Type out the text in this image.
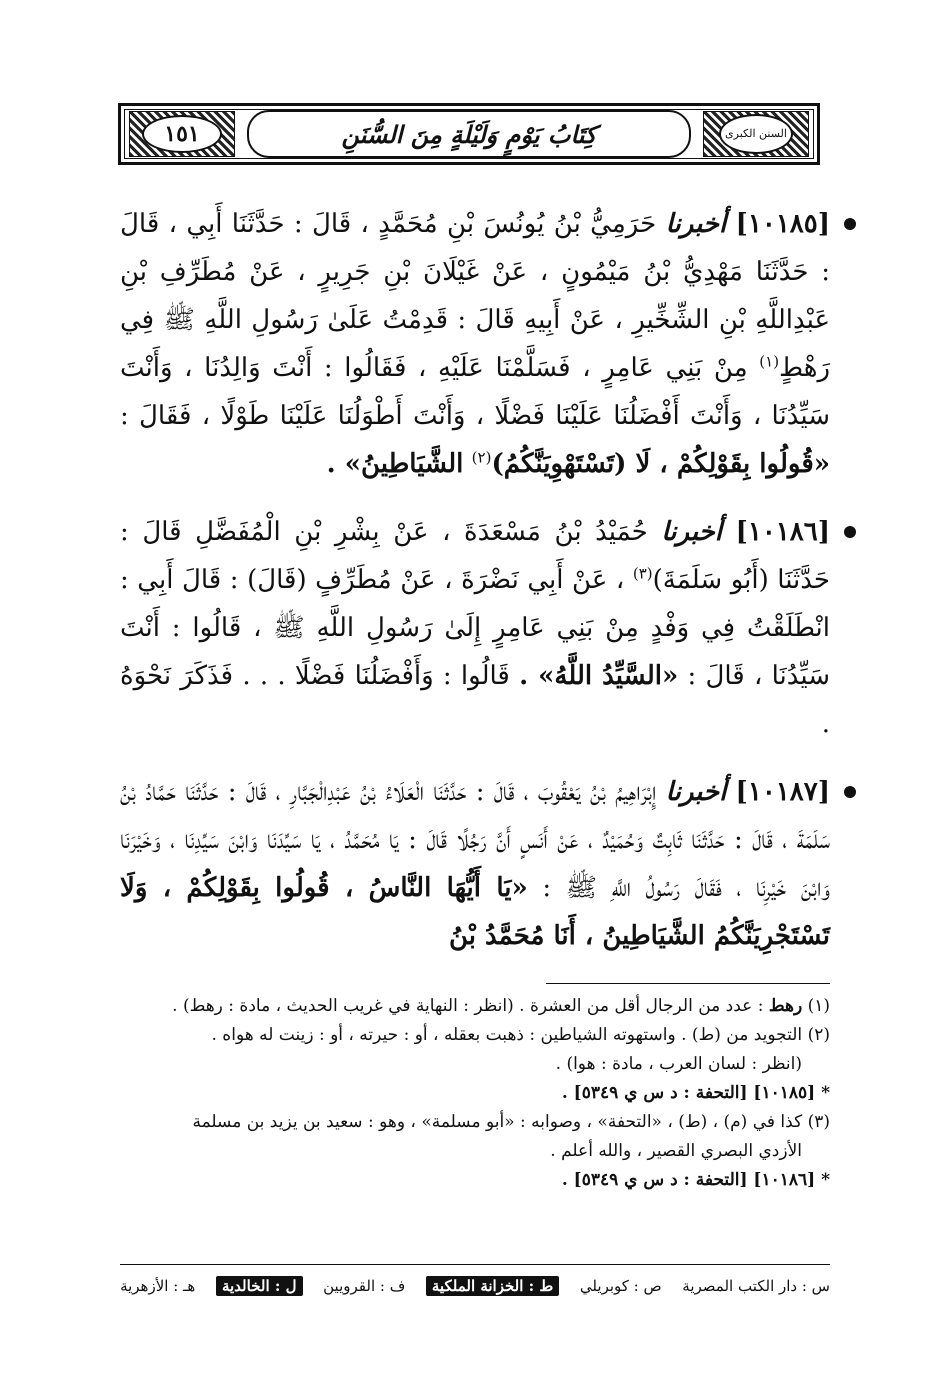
١٥١	كِتَابُ يَوْمٍ وَلَيْلَةٍ مِنَ السُّنَنِ	السنن الكبرى
[١٠١٨٥] أخبرنا حَرَمِيُّ بْنُ يُونُسَ بْنِ مُحَمَّدٍ ، قَالَ : حَدَّثَنَا أَبِي ، قَالَ : حَدَّثَنَا مَهْدِيُّ بْنُ مَيْمُونٍ ، عَنْ غَيْلَانَ بْنِ جَرِيرٍ ، عَنْ مُطَرِّفِ بْنِ عَبْدِاللَّهِ بْنِ الشِّخِّيرِ ، عَنْ أَبِيهِ قَالَ : قَدِمْتُ عَلَىٰ رَسُولِ اللَّهِ ﷺ فِي رَهْطٍ$^{(١)}$ مِنْ بَنِي عَامِرٍ ، فَسَلَّمْنَا عَلَيْهِ ، فَقَالُوا : أَنْتَ وَالِدُنَا ، وَأَنْتَ سَيِّدُنَا ، وَأَنْتَ أَفْضَلُنَا عَلَيْنَا فَضْلًا ، وَأَنْتَ أَطْوَلُنَا عَلَيْنَا طَوْلًا ، فَقَالَ : «قُولُوا بِقَوْلِكُمْ ، لَا (تَسْتَهْوِيَنَّكُمُ)$^{(٢)}$ الشَّيَاطِينُ» .
[١٠١٨٦] أخبرنا حُمَيْدُ بْنُ مَسْعَدَةَ ، عَنْ بِشْرِ بْنِ الْمُفَضَّلِ قَالَ : حَدَّثَنَا (أَبُو سَلَمَةَ)$^{(٣)}$ ، عَنْ أَبِي نَضْرَةَ ، عَنْ مُطَرِّفٍ (قَالَ) : قَالَ أَبِي : انْطَلَقْتُ فِي وَفْدٍ مِنْ بَنِي عَامِرٍ إِلَىٰ رَسُولِ اللَّهِ ﷺ ، قَالُوا : أَنْتَ سَيِّدُنَا ، قَالَ : «السَّيِّدُ اللَّهُ» . قَالُوا : وَأَفْضَلُنَا فَضْلًا . . . فَذَكَرَ نَحْوَهُ .
[١٠١٨٧] أخبرنا إِبْرَاهِيمُ بْنُ يَعْقُوبَ ، قَالَ : حَدَّثَنَا الْعَلَاءُ بْنُ عَبْدِالْجَبَّارِ ، قَالَ : حَدَّثَنَا حَمَّادُ بْنُ سَلَمَةَ ، قَالَ : حَدَّثَنَا ثَابِتٌ وَحُمَيْدٌ ، عَنْ أَنَسٍ أَنَّ رَجُلًا قَالَ : يَا مُحَمَّدُ ، يَا سَيِّدَنَا وَابْنَ سَيِّدِنَا ، وَخَيْرَنَا وَابْنَ خَيْرِنَا ، فَقَالَ رَسُولُ اللَّهِ ﷺ : «يَا أَيُّهَا النَّاسُ ، قُولُوا بِقَوْلِكُمْ ، وَلَا تَسْتَجْرِيَنَّكُمُ الشَّيَاطِينُ ، أَنَا مُحَمَّدُ بْنُ
(١) رهط : عدد من الرجال أقل من العشرة . (انظر : النهاية في غريب الحديث ، مادة : رهط) .
(٢) التجويد من (ط) . واستهوته الشياطين : ذهبت بعقله ، أو : حيرته ، أو : زينت له هواه .
(انظر : لسان العرب ، مادة : هوا) .
* [١٠١٨٥] [التحفة : د س ي ٥٣٤٩] .
(٣) كذا في (م) ، (ط) ، «التحفة» ، وصوابه : «أبو مسلمة» ، وهو : سعيد بن يزيد بن مسلمة
الأزدي البصري القصير ، والله أعلم .
* [١٠١٨٦] [التحفة : د س ي ٥٣٤٩] .
س : دار الكتب المصرية
ص : كوبريلي
ط : الخزانة الملكية
ف : القرويين
ل : الخالدية
هـ : الأزهرية
